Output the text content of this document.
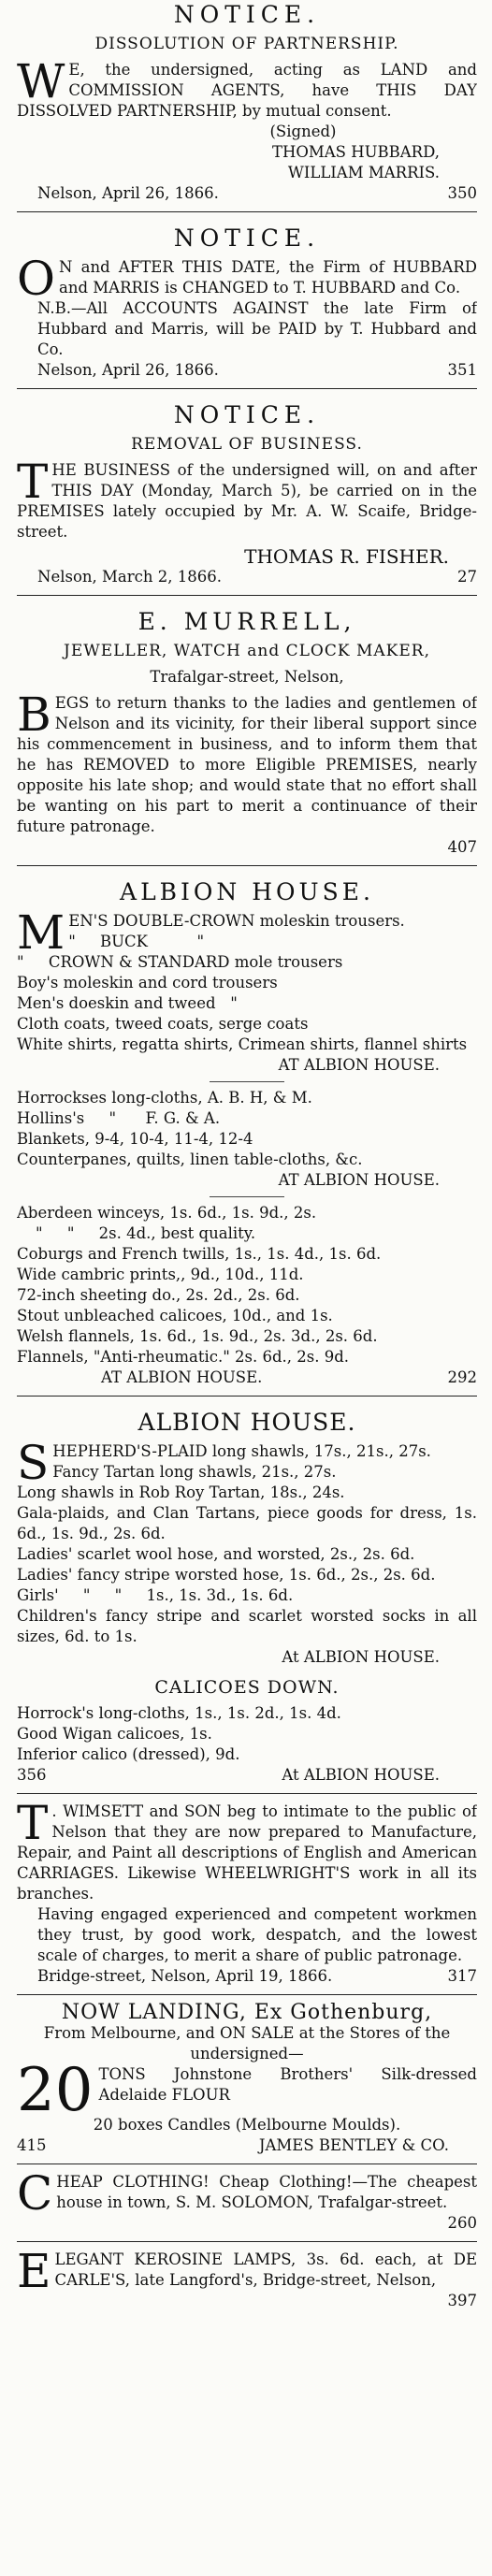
NOTICE.

DISSOLUTION OF PARTNERSHIP.

W E, the undersigned, acting as LAND and COMMISSION AGENTS, have THIS DAY DISSOLVED PARTNERSHIP, by mutual consent.

(Signed)

THOMAS HUBBARD,

WILLIAM MARRIS.

Nelson, April 26, 1866.	350
NOTICE.

O N and AFTER THIS DATE, the Firm of HUBBARD and MARRIS is CHANGED to T. HUBBARD and Co.

N.B.—All ACCOUNTS AGAINST the late Firm of Hubbard and Marris, will be PAID by T. Hubbard and Co.

Nelson, April 26, 1866.	351
NOTICE.

REMOVAL OF BUSINESS.

THE BUSINESS of the undersigned will, on and after THIS DAY (Monday, March 5), be carried on in the PREMISES lately occupied by Mr. A. W. Scaife, Bridge-street.

THOMAS R. FISHER.

Nelson, March 2, 1866.	27
E. MURRELL,

JEWELLER, WATCH and CLOCK MAKER,

Trafalgar-street, Nelson,

BEGS to return thanks to the ladies and gentlemen of Nelson and its vicinity, for their liberal support since his commencement in business, and to inform them that he has REMOVED to more Eligible PREMISES, nearly opposite his late shop; and would state that no effort shall be wanting on his part to merit a continuance of their future patronage.

407

ALBION HOUSE.

MEN'S DOUBLE-CROWN moleskin trousers.

"     BUCK          "

"     CROWN & STANDARD mole trousers

Boy's moleskin and cord trousers

Men's doeskin and tweed   "

Cloth coats, tweed coats, serge coats

White shirts, regatta shirts, Crimean shirts, flannel shirts

AT ALBION HOUSE.

Horrockses long-cloths, A. B. H, & M.

Hollins's     "      F. G. & A.

Blankets, 9-4, 10-4, 11-4, 12-4

Counterpanes, quilts, linen table-cloths, &c.

AT ALBION HOUSE.

Aberdeen winceys, 1s. 6d., 1s. 9d., 2s.

"     "     2s. 4d., best quality.

Coburgs and French twills, 1s., 1s. 4d., 1s. 6d.

Wide cambric prints,, 9d., 10d., 11d.

72-inch sheeting do., 2s. 2d., 2s. 6d.

Stout unbleached calicoes, 10d., and 1s.

Welsh flannels, 1s. 6d., 1s. 9d., 2s. 3d., 2s. 6d.

Flannels, "Anti-rheumatic." 2s. 6d., 2s. 9d.

AT ALBION HOUSE.	292
ALBION HOUSE.

SHEPHERD'S-PLAID long shawls, 17s., 21s., 27s.

Fancy Tartan long shawls, 21s., 27s.

Long shawls in Rob Roy Tartan, 18s., 24s.

Gala-plaids, and Clan Tartans, piece goods for dress, 1s. 6d., 1s. 9d., 2s. 6d.

Ladies' scarlet wool hose, and worsted, 2s., 2s. 6d.

Ladies' fancy stripe worsted hose, 1s. 6d., 2s., 2s. 6d.

Girls'     "     "     1s., 1s. 3d., 1s. 6d.

Children's fancy stripe and scarlet worsted socks in all sizes, 6d. to 1s.

At ALBION HOUSE.

CALICOES DOWN.

Horrock's long-cloths, 1s., 1s. 2d., 1s. 4d.

Good Wigan calicoes, 1s.

Inferior calico (dressed), 9d.

356	At ALBION HOUSE.

T . WIMSETT and SON beg to intimate to the public of Nelson that they are now prepared to Manufacture, Repair, and Paint all descriptions of English and American CARRIAGES. Likewise WHEELWRIGHT'S work in all its branches.

Having engaged experienced and competent workmen they trust, by good work, despatch, and the lowest scale of charges, to merit a share of public patronage.

Bridge-street, Nelson, April 19, 1866.	317

NOW LANDING, Ex Gothenburg,

From Melbourne, and ON SALE at the Stores of the undersigned—

20 TONS Johnstone Brothers' Silk-dressed Adelaide FLOUR

20 boxes Candles (Melbourne Moulds).

415	JAMES BENTLEY & CO.

CHEAP CLOTHING! Cheap Clothing!—The cheapest house in town, S. M. SOLOMON, Trafalgar-street.

260

ELEGANT KEROSINE LAMPS, 3s. 6d. each, at DE CARLE'S, late Langford's, Bridge-street, Nelson,

397
